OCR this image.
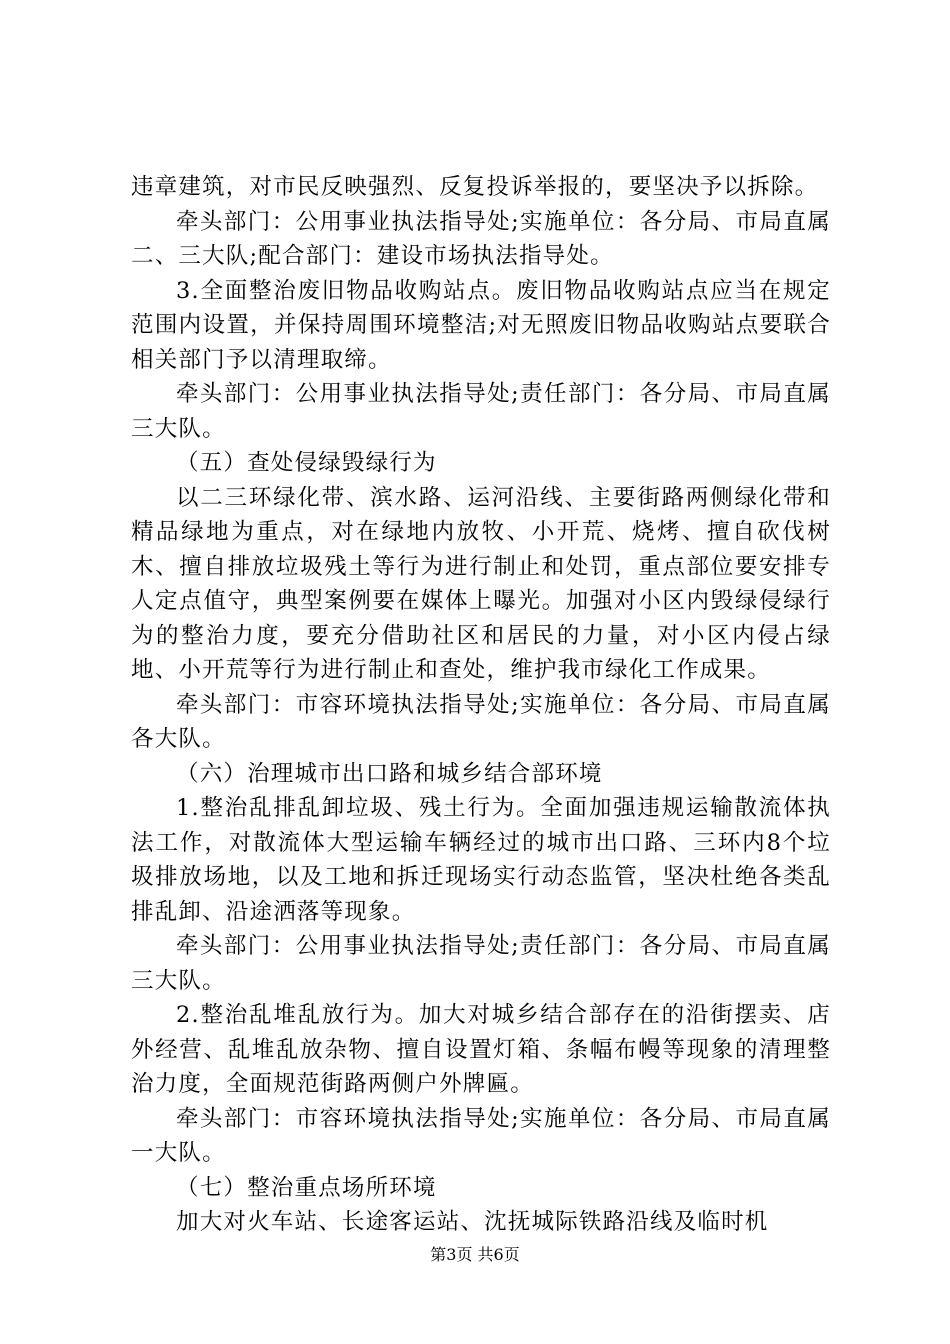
违章建筑，对市民反映强烈、反复投诉举报的，要坚决予以拆除。

牵头部门：公用事业执法指导处;实施单位：各分局、市局直属二、三大队;配合部门：建设市场执法指导处。

3.全面整治废旧物品收购站点。废旧物品收购站点应当在规定范围内设置，并保持周围环境整洁;对无照废旧物品收购站点要联合相关部门予以清理取缔。

牵头部门：公用事业执法指导处;责任部门：各分局、市局直属三大队。

（五）查处侵绿毁绿行为

以二三环绿化带、滨水路、运河沿线、主要街路两侧绿化带和精品绿地为重点，对在绿地内放牧、小开荒、烧烤、擅自砍伐树木、擅自排放垃圾残土等行为进行制止和处罚，重点部位要安排专人定点值守，典型案例要在媒体上曝光。加强对小区内毁绿侵绿行为的整治力度，要充分借助社区和居民的力量，对小区内侵占绿地、小开荒等行为进行制止和查处，维护我市绿化工作成果。

牵头部门：市容环境执法指导处;实施单位：各分局、市局直属各大队。

（六）治理城市出口路和城乡结合部环境

1.整治乱排乱卸垃圾、残土行为。全面加强违规运输散流体执法工作，对散流体大型运输车辆经过的城市出口路、三环内8个垃圾排放场地，以及工地和拆迁现场实行动态监管，坚决杜绝各类乱排乱卸、沿途洒落等现象。

牵头部门：公用事业执法指导处;责任部门：各分局、市局直属三大队。

2.整治乱堆乱放行为。加大对城乡结合部存在的沿街摆卖、店外经营、乱堆乱放杂物、擅自设置灯箱、条幅布幔等现象的清理整治力度，全面规范街路两侧户外牌匾。

牵头部门：市容环境执法指导处;实施单位：各分局、市局直属一大队。

（七）整治重点场所环境

加大对火车站、长途客运站、沈抚城际铁路沿线及临时机

第3页 共6页
